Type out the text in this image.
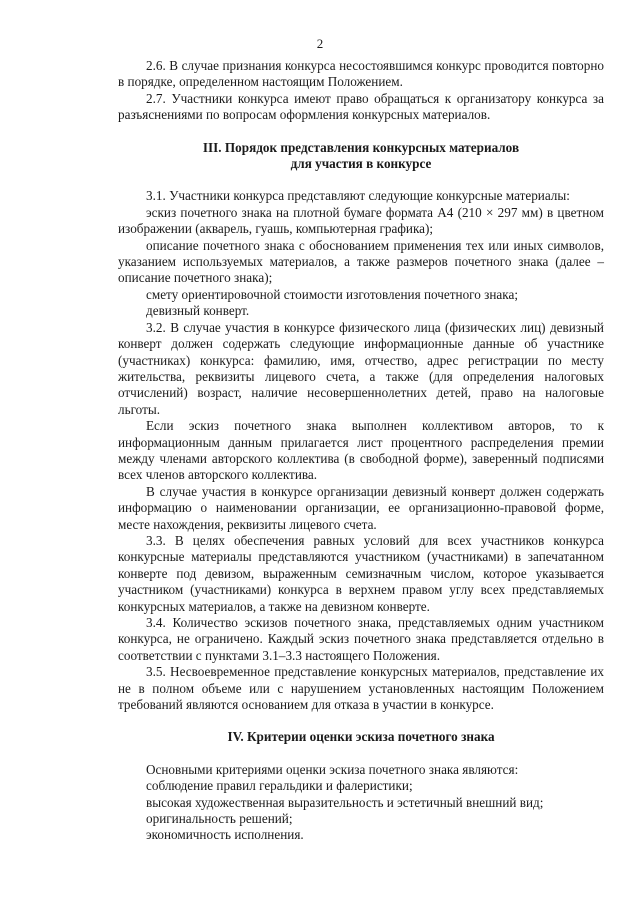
2

2.6. В случае признания конкурса несостоявшимся конкурс проводится повторно в порядке, определенном настоящим Положением.

2.7. Участники конкурса имеют право обращаться к организатору конкурса за разъяснениями по вопросам оформления конкурсных материалов.

III. Порядок представления конкурсных материалов

для участия в конкурсе

3.1. Участники конкурса представляют следующие конкурсные материалы:

эскиз почетного знака на плотной бумаге формата А4 (210 × 297 мм) в цветном изображении (акварель, гуашь, компьютерная графика);

описание почетного знака с обоснованием применения тех или иных символов, указанием используемых материалов, а также размеров почетного знака (далее – описание почетного знака);

смету ориентировочной стоимости изготовления почетного знака;

девизный конверт.

3.2. В случае участия в конкурсе физического лица (физических лиц) девизный конверт должен содержать следующие информационные данные об участнике (участниках) конкурса: фамилию, имя, отчество, адрес регистрации по месту жительства, реквизиты лицевого счета, а также (для определения налоговых отчислений) возраст, наличие несовершеннолетних детей, право на налоговые льготы.

Если эскиз почетного знака выполнен коллективом авторов, то к информационным данным прилагается лист процентного распределения премии между членами авторского коллектива (в свободной форме), заверенный подписями всех членов авторского коллектива.

В случае участия в конкурсе организации девизный конверт должен содержать информацию о наименовании организации, ее организационно-правовой форме, месте нахождения, реквизиты лицевого счета.

3.3. В целях обеспечения равных условий для всех участников конкурса конкурсные материалы представляются участником (участниками) в запечатанном конверте под девизом, выраженным семизначным числом, которое указывается участником (участниками) конкурса в верхнем правом углу всех представляемых конкурсных материалов, а также на девизном конверте.

3.4. Количество эскизов почетного знака, представляемых одним участником конкурса, не ограничено. Каждый эскиз почетного знака представляется отдельно в соответствии с пунктами 3.1–3.3 настоящего Положения.

3.5. Несвоевременное представление конкурсных материалов, представление их не в полном объеме или с нарушением установленных настоящим Положением требований являются основанием для отказа в участии в конкурсе.

IV. Критерии оценки эскиза почетного знака

Основными критериями оценки эскиза почетного знака являются:

соблюдение правил геральдики и фалеристики;

высокая художественная выразительность и эстетичный внешний вид;

оригинальность решений;

экономичность исполнения.
